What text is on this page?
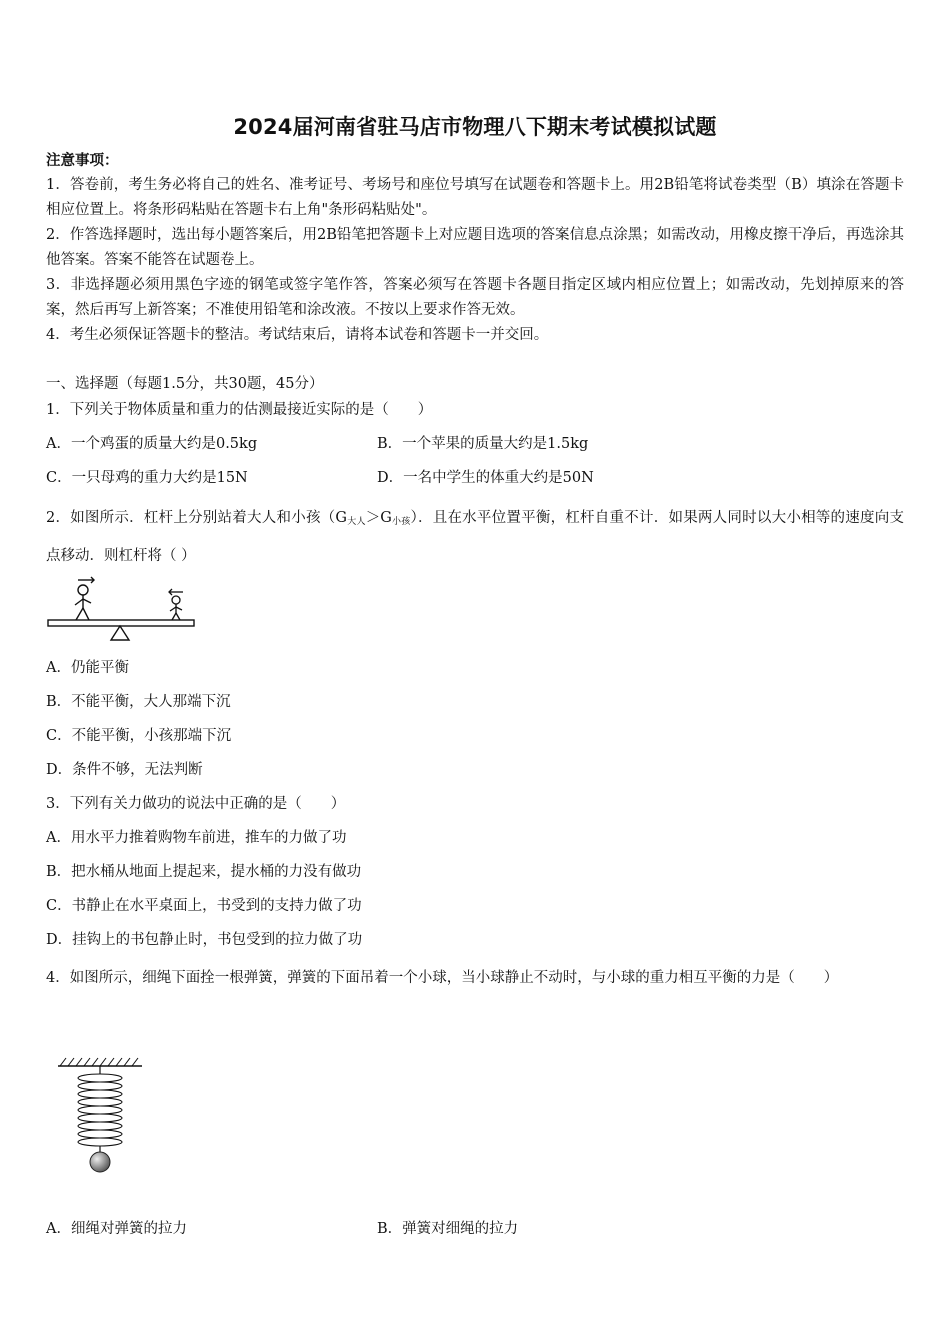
2024届河南省驻马店市物理八下期末考试模拟试题
注意事项：
1．答卷前，考生务必将自己的姓名、准考证号、考场号和座位号填写在试题卷和答题卡上。用2B铅笔将试卷类型（B）填涂在答题卡相应位置上。将条形码粘贴在答题卡右上角"条形码粘贴处"。
2．作答选择题时，选出每小题答案后，用2B铅笔把答题卡上对应题目选项的答案信息点涂黑；如需改动，用橡皮擦干净后，再选涂其他答案。答案不能答在试题卷上。
3．非选择题必须用黑色字迹的钢笔或签字笔作答，答案必须写在答题卡各题目指定区域内相应位置上；如需改动，先划掉原来的答案，然后再写上新答案；不准使用铅笔和涂改液。不按以上要求作答无效。
4．考生必须保证答题卡的整洁。考试结束后，请将本试卷和答题卡一并交回。
一、选择题（每题1.5分，共30题，45分）
1．下列关于物体质量和重力的估测最接近实际的是（　　）
A．一个鸡蛋的质量大约是0.5kg	B．一个苹果的质量大约是1.5kg
C．一只母鸡的重力大约是15N	D．一名中学生的体重大约是50N
2．如图所示．杠杆上分别站着大人和小孩（G大人＞G小孩）．且在水平位置平衡，杠杆自重不计．如果两人同时以大小相等的速度向支点移动．则杠杆将（ ）
A．仍能平衡
B．不能平衡，大人那端下沉
C．不能平衡，小孩那端下沉
D．条件不够，无法判断
3．下列有关力做功的说法中正确的是（　　）
A．用水平力推着购物车前进，推车的力做了功
B．把水桶从地面上提起来，提水桶的力没有做功
C．书静止在水平桌面上，书受到的支持力做了功
D．挂钩上的书包静止时，书包受到的拉力做了功
4．如图所示，细绳下面拴一根弹簧，弹簧的下面吊着一个小球，当小球静止不动时，与小球的重力相互平衡的力是（　　）
A．细绳对弹簧的拉力	B．弹簧对细绳的拉力
